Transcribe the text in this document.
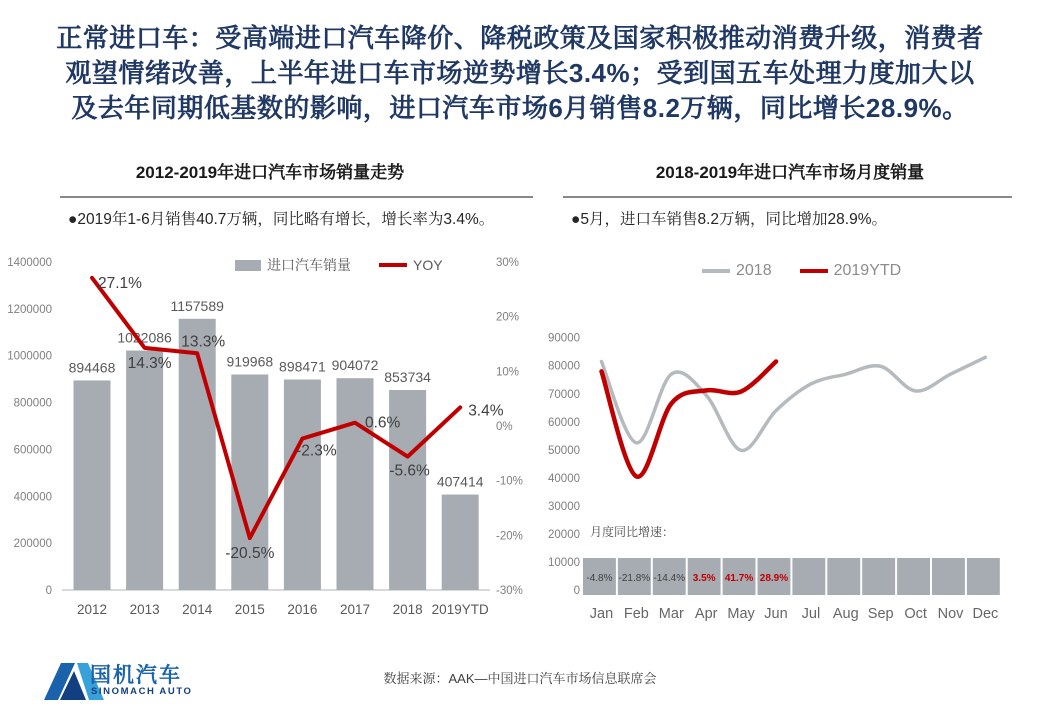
正常进口车：受高端进口汽车降价、降税政策及国家积极推动消费升级，消费者
观望情绪改善，上半年进口车市场逆势增长3.4%；受到国五车处理力度加大以
及去年同期低基数的影响，进口汽车市场6月销售8.2万辆，同比增长28.9%。
2012-2019年进口汽车市场销量走势

●2019年1-6月销售40.7万辆，同比略有增长，增长率为3.4%。

进口汽车销量	YOY
1400000
1200000
1000000
800000
600000
400000
200000
0
30%
20%
10%
0%
-10%
-20%
-30%
894468
1022086
1157589
919968 898471 904072
853734
407414
2012 2013 2014 2015 2016 2017 2018 2019YTD
27.1%
14.3%
13.3%
-20.5%
-2.3%
0.6%
-5.6%
3.4%
2018-2019年进口汽车市场月度销量

●5月，进口车销售8.2万辆，同比增加28.9%。

2018	2019YTD
90000
80000
70000
60000
50000
40000
30000
20000
10000
0
Jan Feb Mar Apr May Jun Jul Aug Sep Oct Nov Dec
月度同比增速：
-4.8% -21.8% -14.4% 3.5% 41.7% 28.9%
国机汽车
SINOMACH AUTO
数据来源：AAK—中国进口汽车市场信息联席会
